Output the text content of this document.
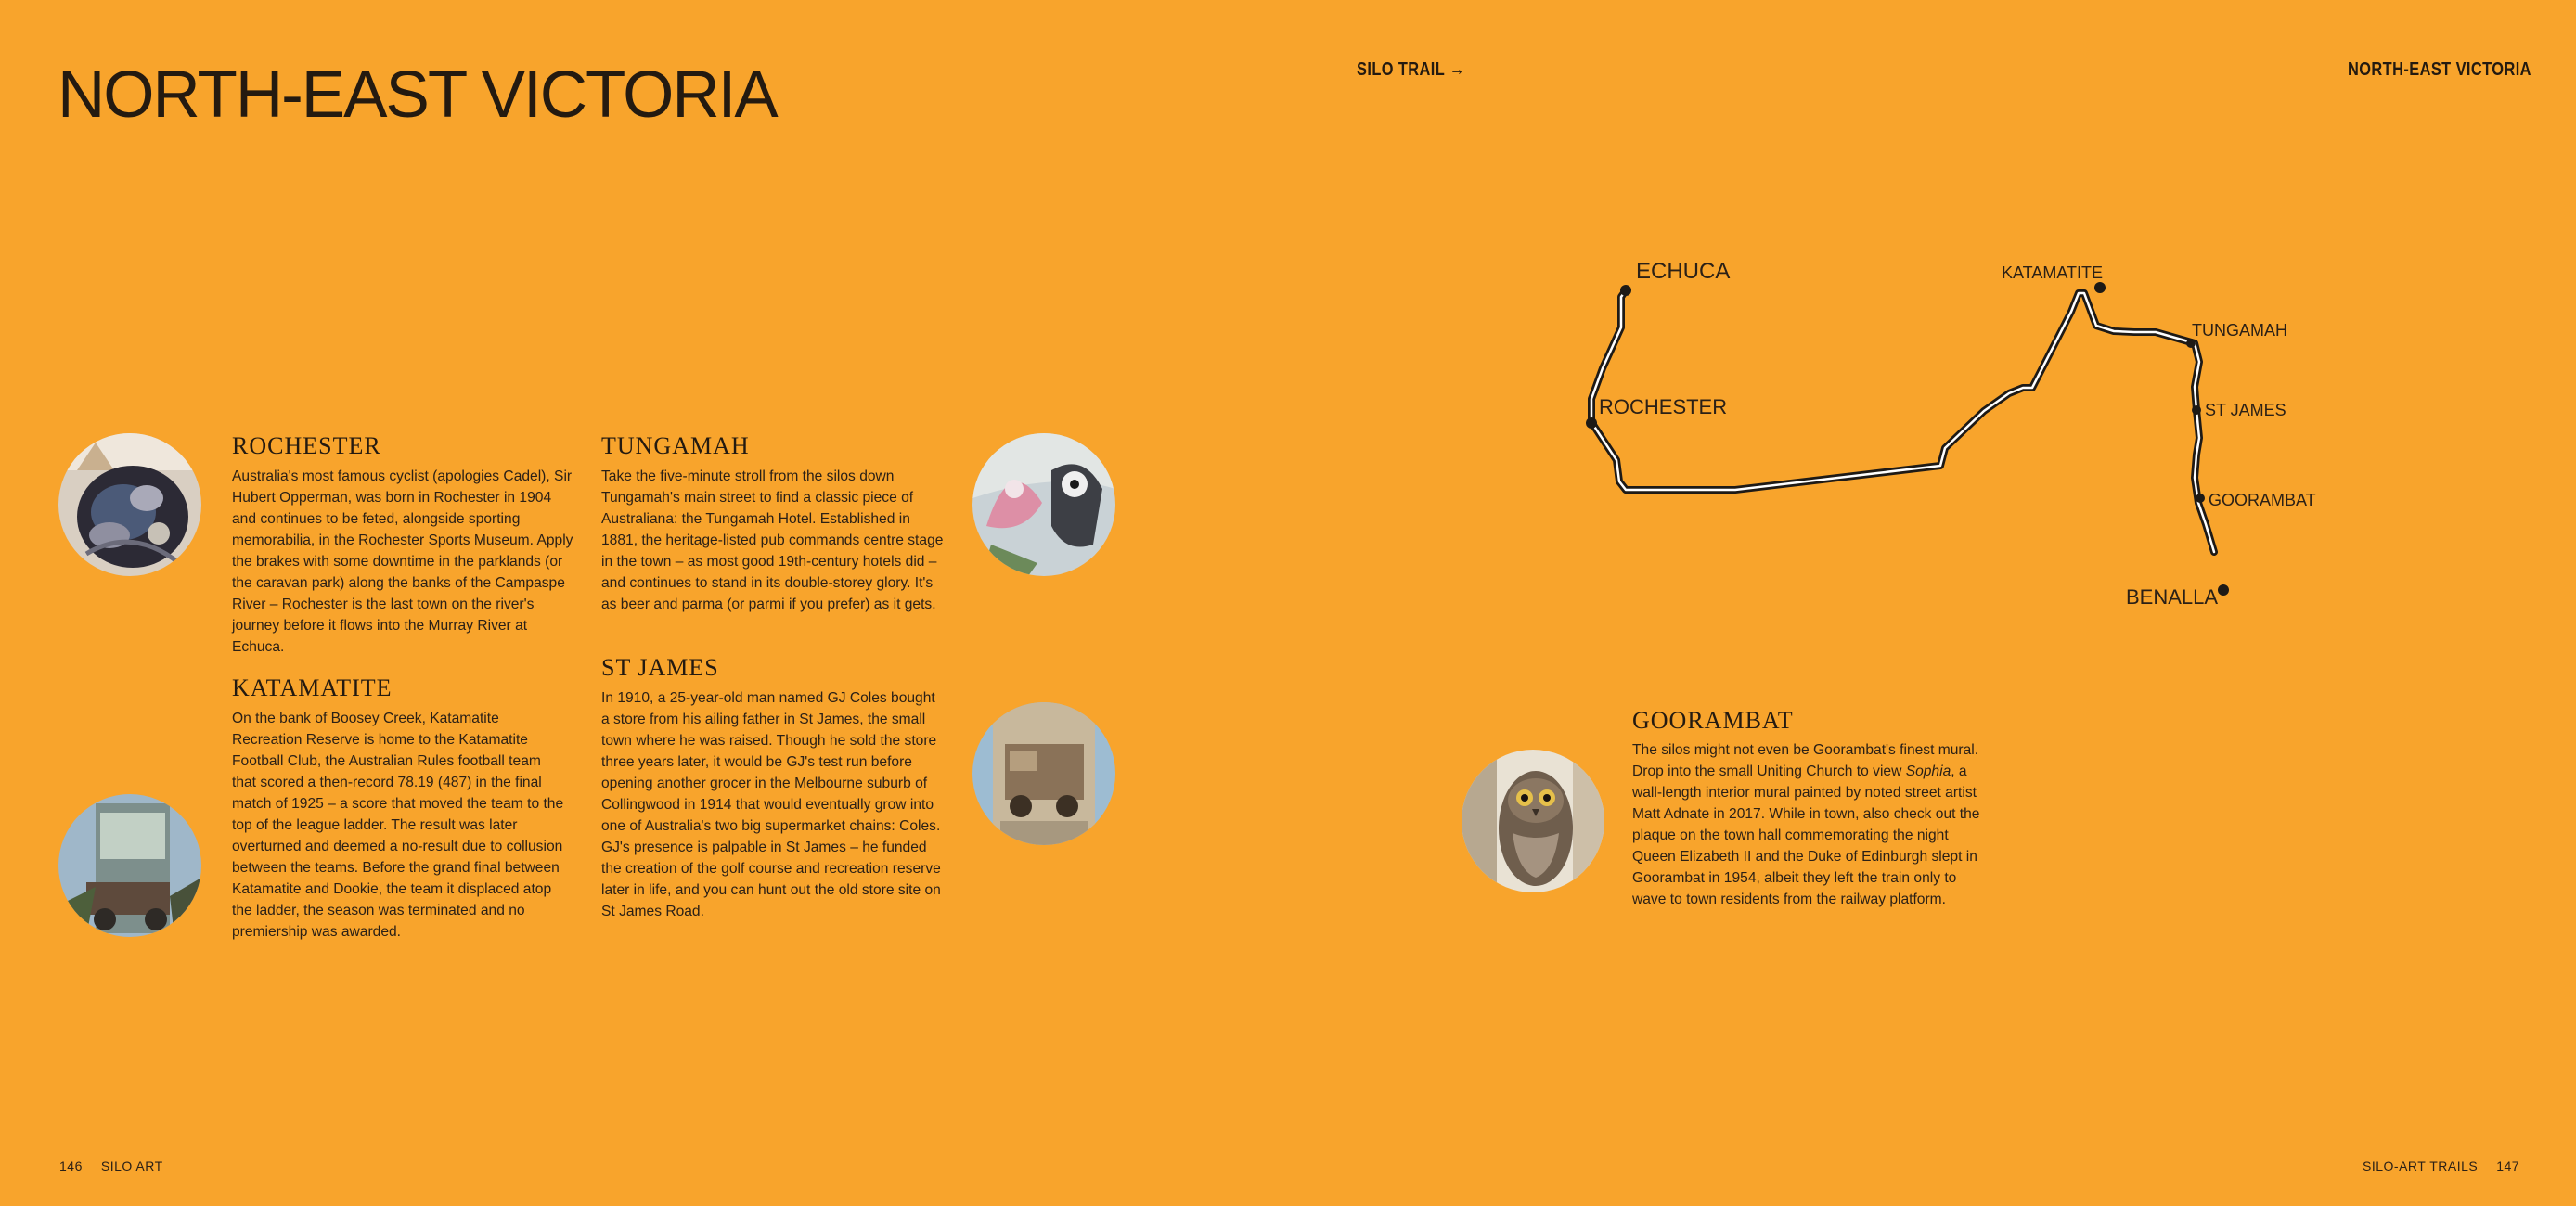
NORTH-EAST VICTORIA	SILO TRAIL →	NORTH-EAST VICTORIA
ROCHESTER

Australia's most famous cyclist (apologies Cadel), Sir Hubert Opperman, was born in Rochester in 1904 and continues to be feted, alongside sporting memorabilia, in the Rochester Sports Museum. Apply the brakes with some downtime in the parklands (or the caravan park) along the banks of the Campaspe River – Rochester is the last town on the river's journey before it flows into the Murray River at Echuca.

KATAMATITE

On the bank of Boosey Creek, Katamatite Recreation Reserve is home to the Katamatite Football Club, the Australian Rules football team that scored a then-record 78.19 (487) in the final match of 1925 – a score that moved the team to the top of the league ladder. The result was later overturned and deemed a no-result due to collusion between the teams. Before the grand final between Katamatite and Dookie, the team it displaced atop the ladder, the season was terminated and no premiership was awarded.

TUNGAMAH

Take the five-minute stroll from the silos down Tungamah's main street to find a classic piece of Australiana: the Tungamah Hotel. Established in 1881, the heritage-listed pub commands centre stage in the town – as most good 19th-century hotels did – and continues to stand in its double-storey glory. It's as beer and parma (or parmi if you prefer) as it gets.

ST JAMES

In 1910, a 25-year-old man named GJ Coles bought a store from his ailing father in St James, the small town where he was raised. Though he sold the store three years later, it would be GJ's test run before opening another grocer in the Melbourne suburb of Collingwood in 1914 that would eventually grow into one of Australia's two big supermarket chains: Coles. GJ's presence is palpable in St James – he funded the creation of the golf course and recreation reserve later in life, and you can hunt out the old store site on St James Road.

ECHUCA
ROCHESTER
KATAMATITE
TUNGAMAH
ST JAMES
GOORAMBAT
BENALLA
GOORAMBAT

The silos might not even be Goorambat's finest mural. Drop into the small Uniting Church to view Sophia, a wall-length interior mural painted by noted street artist Matt Adnate in 2017. While in town, also check out the plaque on the town hall commemorating the night Queen Elizabeth II and the Duke of Edinburgh slept in Goorambat in 1954, albeit they left the train only to wave to town residents from the railway platform.

146 SILO ART	SILO-ART TRAILS 147
